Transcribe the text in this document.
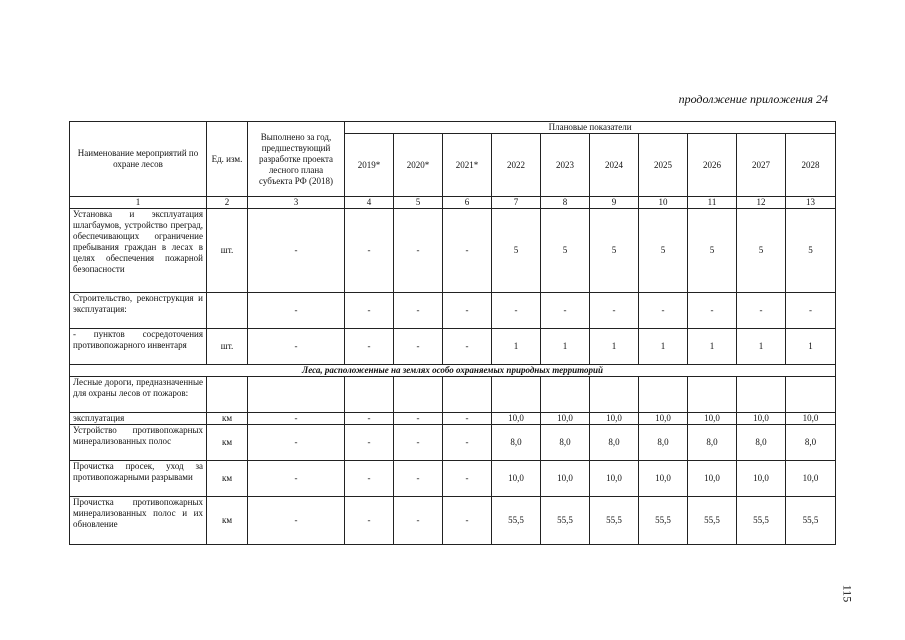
продолжение приложения 24
Наименование мероприятий по охране лесов	Ед. изм.	Выполнено за год, предшествующий разработке проекта лесного плана субъекта РФ (2018)	Плановые показатели									
			2019*	2020*	2021*	2022	2023	2024	2025	2026	2027	2028
1	2	3	4	5	6	7	8	9	10	11	12	13
Установка и эксплуатация шлагбаумов, устройство преград, обеспечивающих ограничение пребывания граждан в лесах в целях обеспечения пожарной безопасности	шт.	-	-	-	-	5	5	5	5	5	5	5
Строительство, реконструкция и эксплуатация:		-	-	-	-	-	-	-	-	-	-	-
- пунктов сосредоточения противопожарного инвентаря	шт.	-	-	-	-	1	1	1	1	1	1	1
Леса, расположенные на землях особо охраняемых природных территорий												
Лесные дороги, предназначенные для охраны лесов от пожаров:												
эксплуатация	км	-	-	-	-	10,0	10,0	10,0	10,0	10,0	10,0	10,0
Устройство противопожарных минерализованных полос	км	-	-	-	-	8,0	8,0	8,0	8,0	8,0	8,0	8,0
Прочистка просек, уход за противопожарными разрывами	км	-	-	-	-	10,0	10,0	10,0	10,0	10,0	10,0	10,0
Прочистка противопожарных минерализованных полос и их обновление	км	-	-	-	-	55,5	55,5	55,5	55,5	55,5	55,5	55,5
115
